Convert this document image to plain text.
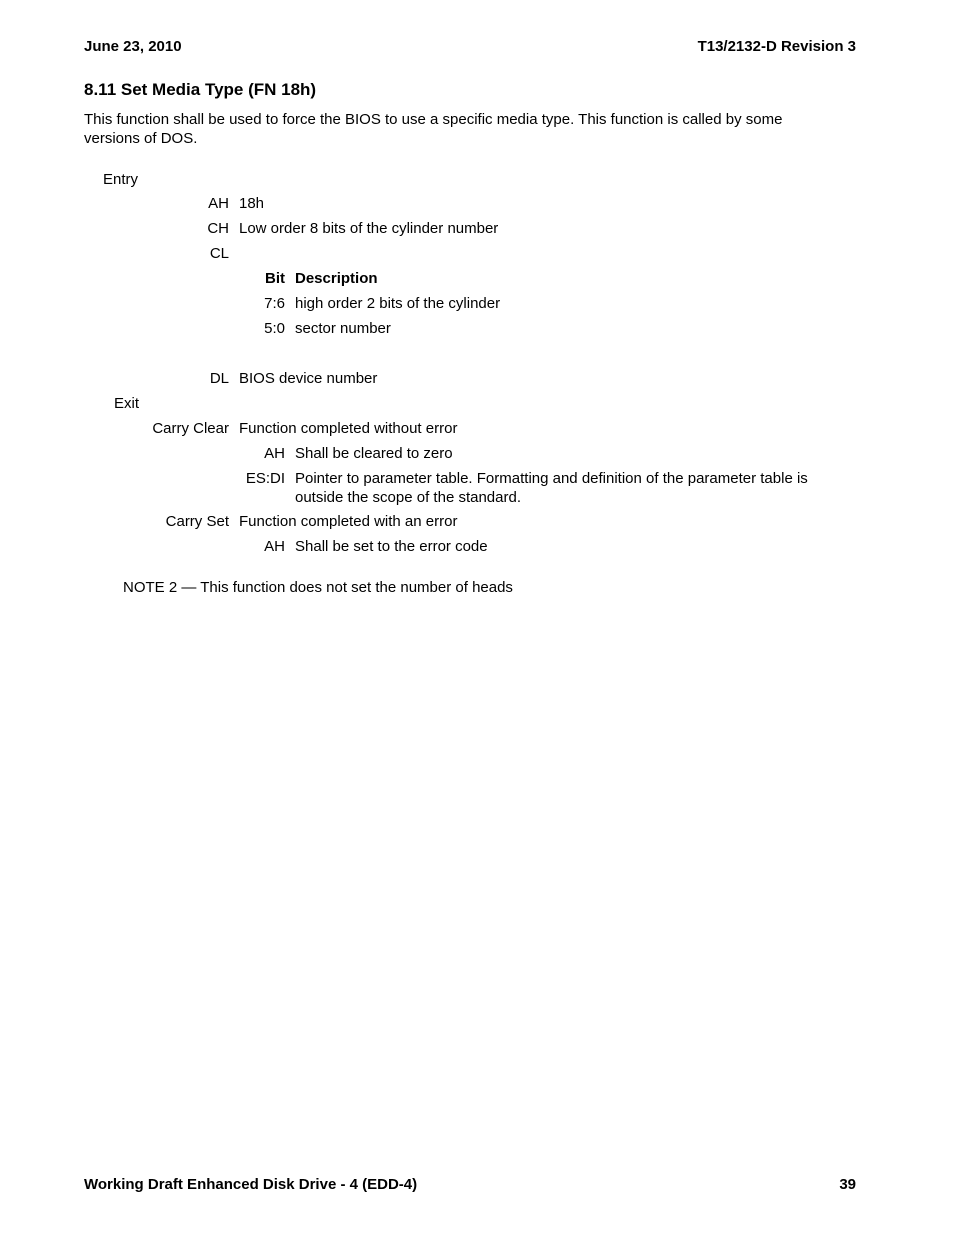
June 23, 2010	T13/2132-D Revision 3
8.11 Set Media Type (FN 18h)
This function shall be used to force the BIOS to use a specific media type. This function is called by some
versions of DOS.
Entry
AH 18h
CH Low order 8 bits of the cylinder number
CL
Bit Description
7:6 high order 2 bits of the cylinder
5:0 sector number
DL BIOS device number
Exit
Carry Clear Function completed without error
AH Shall be cleared to zero
ES:DI Pointer to parameter table. Formatting and definition of the parameter table is
outside the scope of the standard.
Carry Set Function completed with an error
AH Shall be set to the error code
NOTE 2 — This function does not set the number of heads
Working Draft Enhanced Disk Drive - 4 (EDD-4)	39
